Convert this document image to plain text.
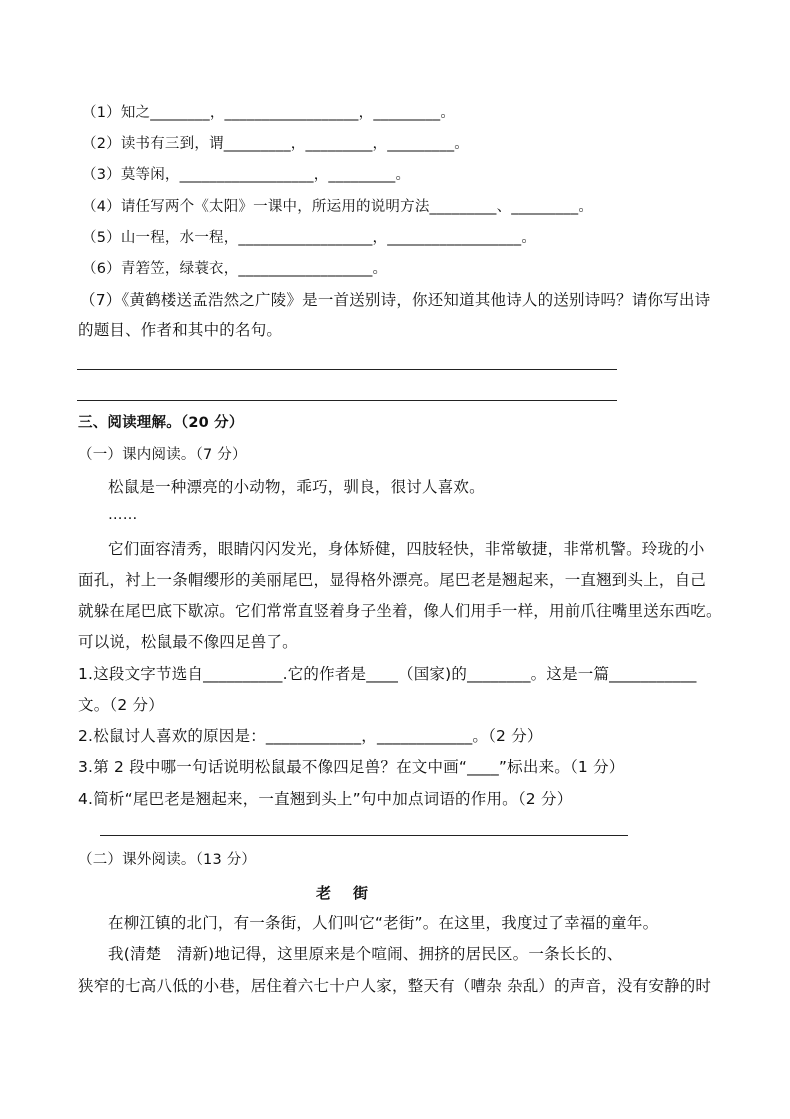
（1）知之________，__________________，_________。
（2）读书有三到，谓_________，_________，_________。
（3）莫等闲，__________________，_________。
（4）请任写两个《太阳》一课中，所运用的说明方法_________、_________。
（5）山一程，水一程，__________________，__________________。
（6）青箬笠，绿蓑衣，__________________。
（7）《黄鹤楼送孟浩然之广陵》是一首送别诗，你还知道其他诗人的送别诗吗？请你写出诗
的题目、作者和其中的名句。
三、阅读理解。（20 分）
（一）课内阅读。（7 分）
松鼠是一种漂亮的小动物，乖巧，驯良，很讨人喜欢。
……
它们面容清秀，眼睛闪闪发光，身体矫健，四肢轻快，非常敏捷，非常机警。玲珑的小
面孔，衬上一条帽缨形的美丽尾巴，显得格外漂亮。尾巴老是翘起来，一直翘到头上，自己
就躲在尾巴底下歇凉。它们常常直竖着身子坐着，像人们用手一样，用前爪往嘴里送东西吃。
可以说，松鼠最不像四足兽了。
1.这段文字节选自__________.它的作者是____（国家)的________。这是一篇___________
文。（2 分）
2.松鼠讨人喜欢的原因是：____________，____________。（2 分）
3.第 2 段中哪一句话说明松鼠最不像四足兽？在文中画“____”标出来。（1 分）
4.简析“尾巴老是翘起来，一直翘到头上”句中加点词语的作用。（2 分）
（二）课外阅读。（13 分）
老街
在柳江镇的北门，有一条街，人们叫它“老街”。在这里，我度过了幸福的童年。
我(清楚   清新)地记得，这里原来是个喧闹、拥挤的居民区。一条长长的、
狭窄的七高八低的小巷，居住着六七十户人家，整天有（嘈杂 杂乱）的声音，没有安静的时
